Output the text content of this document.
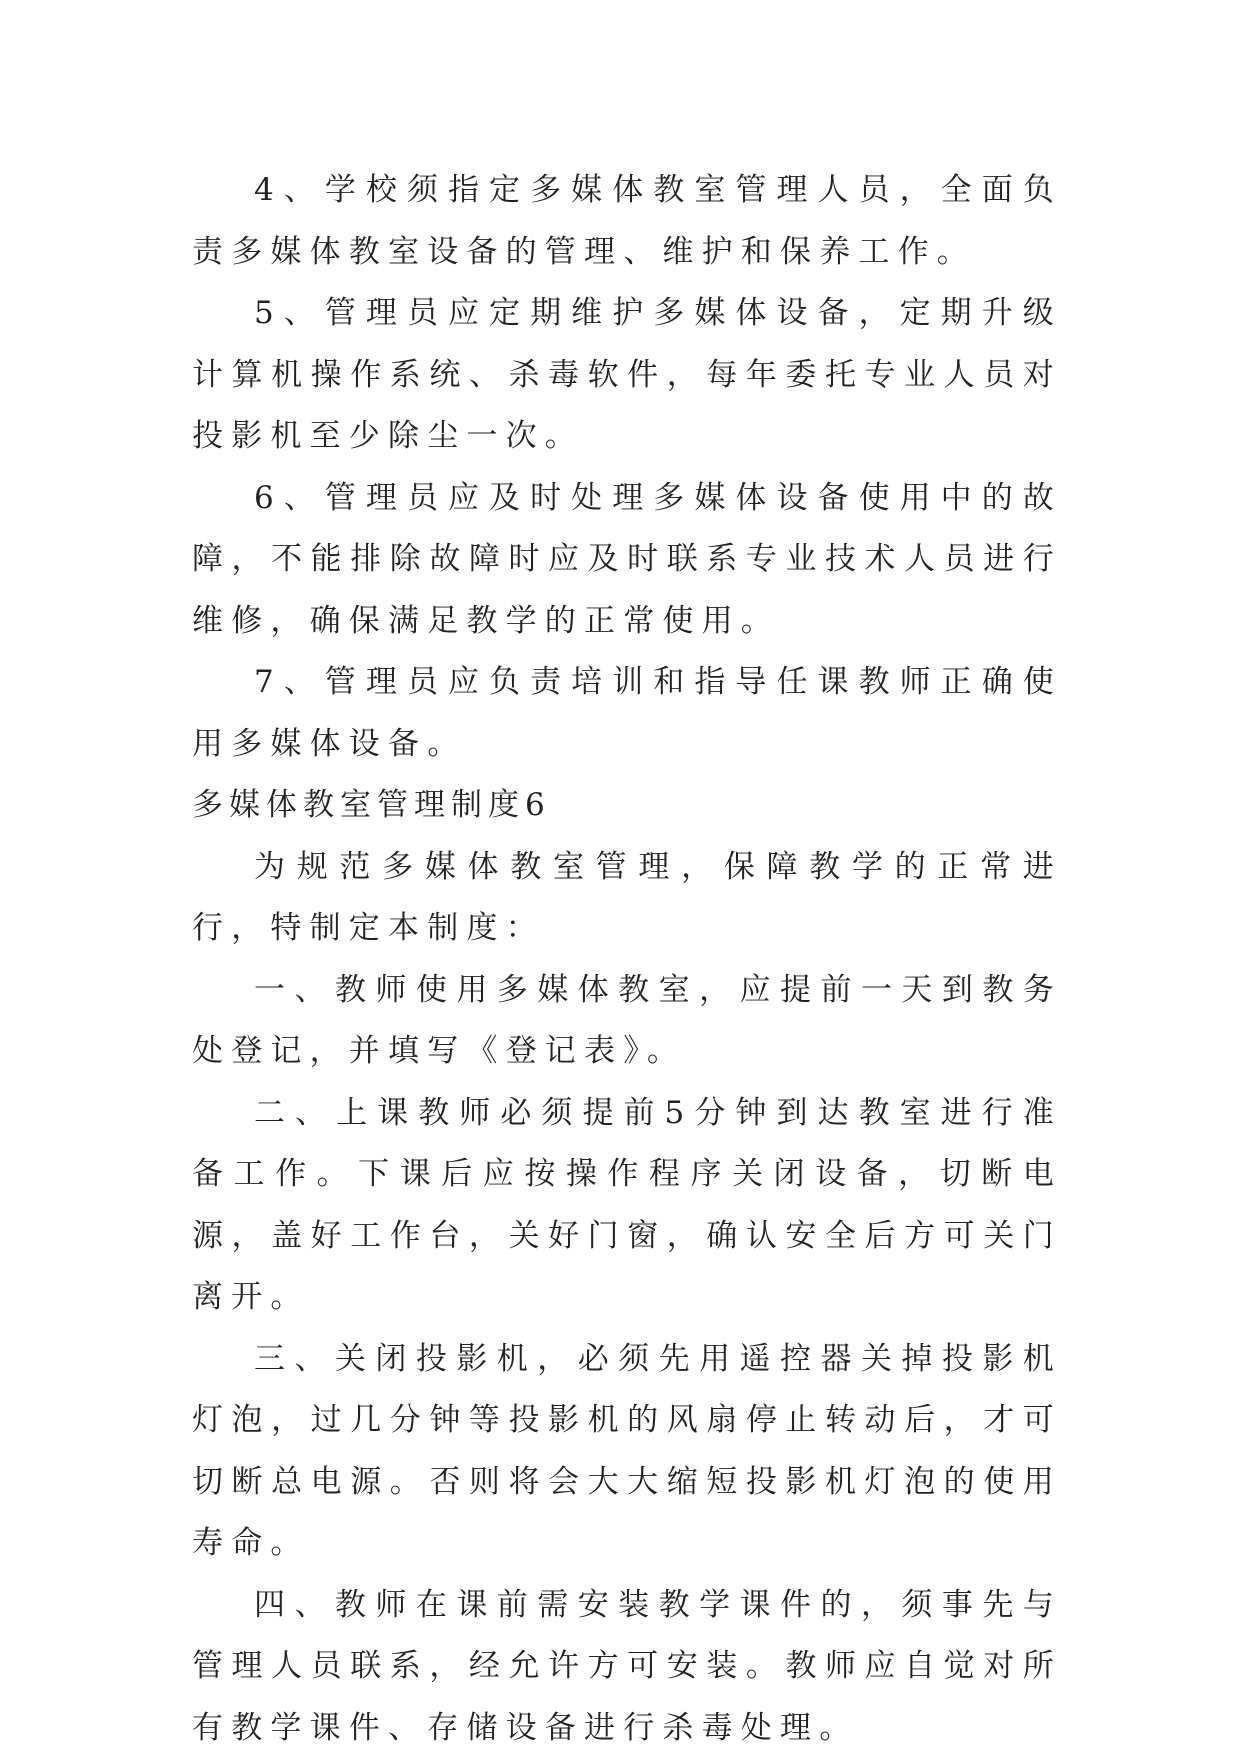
4、学校须指定多媒体教室管理人员，全面负责多媒体教室设备的管理、维护和保养工作。

5、管理员应定期维护多媒体设备，定期升级计算机操作系统、杀毒软件，每年委托专业人员对投影机至少除尘一次。

6、管理员应及时处理多媒体设备使用中的故障，不能排除故障时应及时联系专业技术人员进行维修，确保满足教学的正常使用。

7、管理员应负责培训和指导任课教师正确使用多媒体设备。

多媒体教室管理制度6

为规范多媒体教室管理，保障教学的正常进行，特制定本制度：

一、教师使用多媒体教室，应提前一天到教务处登记，并填写《登记表》。

二、上课教师必须提前5分钟到达教室进行准备工作。下课后应按操作程序关闭设备，切断电源，盖好工作台，关好门窗，确认安全后方可关门离开。

三、关闭投影机，必须先用遥控器关掉投影机灯泡，过几分钟等投影机的风扇停止转动后，才可切断总电源。否则将会大大缩短投影机灯泡的使用寿命。

四、教师在课前需安装教学课件的，须事先与管理人员联系，经允许方可安装。教师应自觉对所有教学课件、存储设备进行杀毒处理。
